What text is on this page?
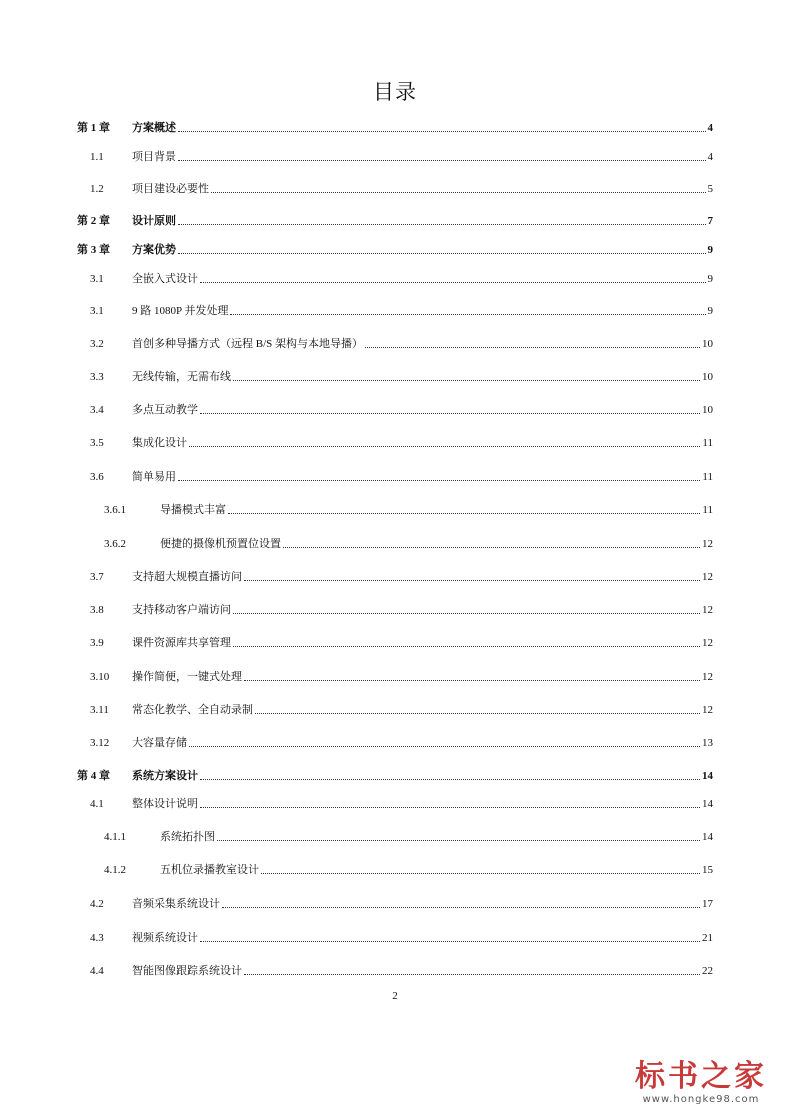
目录
第 1 章	方案概述	4
1.1	项目背景	4
1.2	项目建设必要性	5
第 2 章	设计原则	7
第 3 章	方案优势	9
3.1	全嵌入式设计	9
3.1	9 路 1080P 并发处理	9
3.2	首创多种导播方式（远程 B/S 架构与本地导播）	10
3.3	无线传输，无需布线	10
3.4	多点互动教学	10
3.5	集成化设计	11
3.6	简单易用	11
3.6.1	导播模式丰富	11
3.6.2	便捷的摄像机预置位设置	12
3.7	支持超大规模直播访问	12
3.8	支持移动客户端访问	12
3.9	课件资源库共享管理	12
3.10	操作简便，一键式处理	12
3.11	常态化教学、全自动录制	12
3.12	大容量存储	13
第 4 章	系统方案设计	14
4.1	整体设计说明	14
4.1.1	系统拓扑图	14
4.1.2	五机位录播教室设计	15
4.2	音频采集系统设计	17
4.3	视频系统设计	21
4.4	智能图像跟踪系统设计	22
2
标书之家
www.hongke98.com
